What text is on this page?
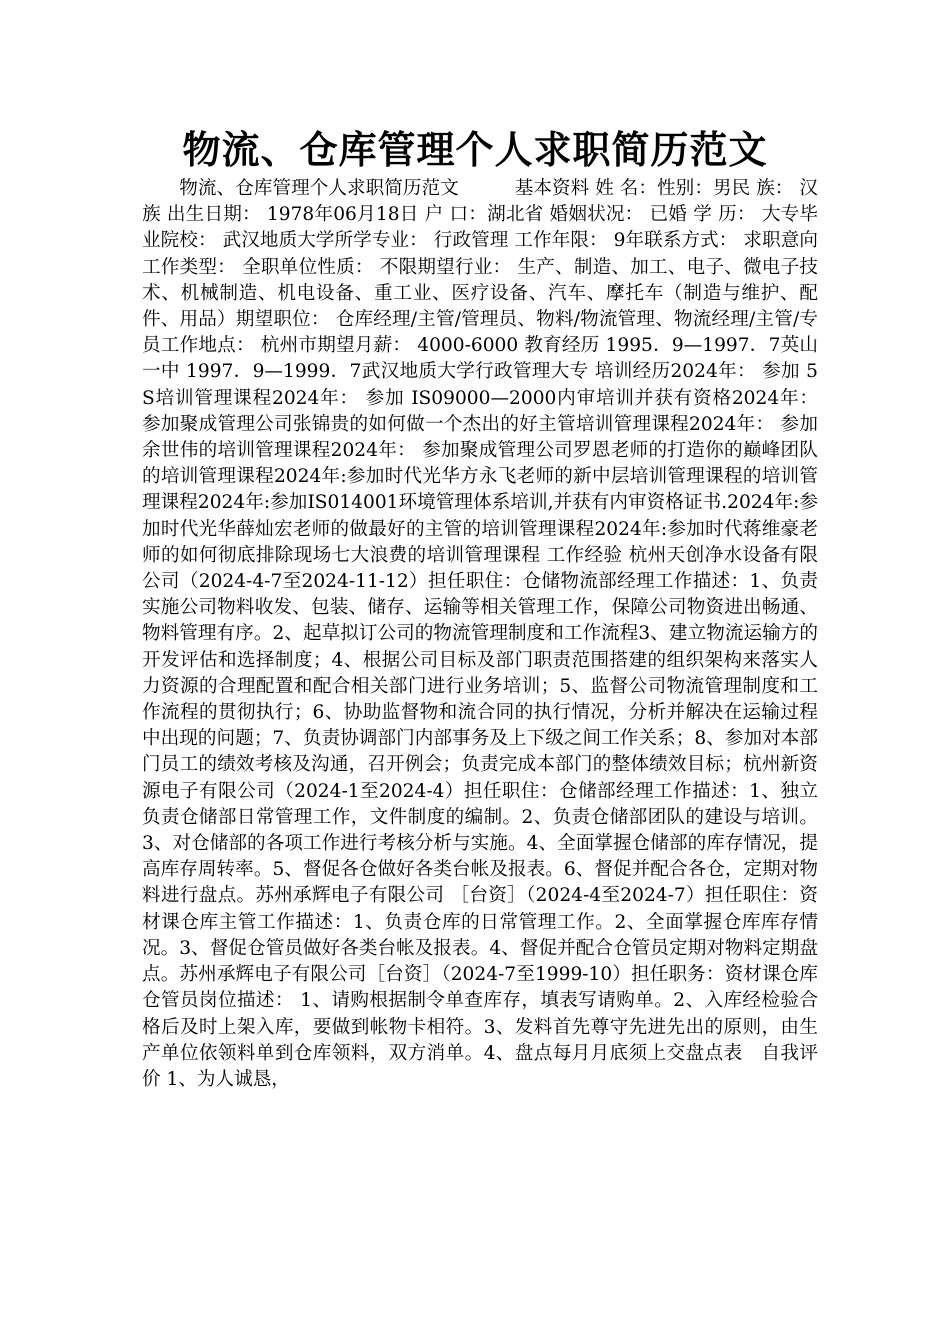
物流、仓库管理个人求职简历范文

　　物流、仓库管理个人求职简历范文　　　基本资料 姓 名：性别：男民 族： 汉族 出生日期： 1978年06月18日 户 口：湖北省 婚姻状况： 已婚 学 历： 大专毕业院校： 武汉地质大学所学专业： 行政管理 工作年限： 9年联系方式： 求职意向 工作类型： 全职单位性质： 不限期望行业： 生产、制造、加工、电子、微电子技术、机械制造、机电设备、重工业、医疗设备、汽车、摩托车（制造与维护、配件、用品）期望职位： 仓库经理/主管/管理员、物料/物流管理、物流经理/主管/专员工作地点： 杭州市期望月薪： 4000-6000 教育经历 1995．9—1997．7英山一中 1997．9—1999．7武汉地质大学行政管理大专 培训经历2024年： 参加 5S培训管理课程2024年： 参加 IS09000—2000内审培训并获有资格2024年： 参加聚成管理公司张锦贵的如何做一个杰出的好主管培训管理课程2024年： 参加余世伟的培训管理课程2024年： 参加聚成管理公司罗恩老师的打造你的巅峰团队的培训管理课程2024年:参加时代光华方永飞老师的新中层培训管理课程的培训管理课程2024年:参加IS014001环境管理体系培训,并获有内审资格证书.2024年:参加时代光华薛灿宏老师的做最好的主管的培训管理课程2024年:参加时代蒋维豪老师的如何彻底排除现场七大浪费的培训管理课程 工作经验 杭州天创净水设备有限公司（2024-4-7至2024-11-12）担任职住：仓储物流部经理工作描述：1、负责实施公司物料收发、包装、储存、运输等相关管理工作，保障公司物资进出畅通、物料管理有序。2、起草拟订公司的物流管理制度和工作流程3、建立物流运输方的开发评估和选择制度；4、根据公司目标及部门职责范围搭建的组织架构来落实人力资源的合理配置和配合相关部门进行业务培训；5、监督公司物流管理制度和工作流程的贯彻执行；6、协助监督物和流合同的执行情况，分析并解决在运输过程中出现的问题；7、负责协调部门内部事务及上下级之间工作关系；8、参加对本部门员工的绩效考核及沟通，召开例会；负责完成本部门的整体绩效目标；杭州新资源电子有限公司（2024-1至2024-4）担任职住：仓储部经理工作描述：1、独立负责仓储部日常管理工作，文件制度的编制。2、负责仓储部团队的建设与培训。3、对仓储部的各项工作进行考核分析与实施。4、全面掌握仓储部的库存情况，提高库存周转率。5、督促各仓做好各类台帐及报表。6、督促并配合各仓，定期对物料进行盘点。苏州承辉电子有限公司 ［台资］（2024-4至2024-7）担任职住：资材课仓库主管工作描述：1、负责仓库的日常管理工作。2、全面掌握仓库库存情况。3、督促仓管员做好各类台帐及报表。4、督促并配合仓管员定期对物料定期盘点。苏州承辉电子有限公司［台资］（2024-7至1999-10）担任职务：资材课仓库仓管员岗位描述： 1、请购根据制令单查库存，填表写请购单。2、入库经检验合格后及时上架入库，要做到帐物卡相符。3、发料首先尊守先进先出的原则，由生产单位依领料单到仓库领料，双方消单。4、盘点每月月底须上交盘点表　自我评价 1、为人诚恳，
